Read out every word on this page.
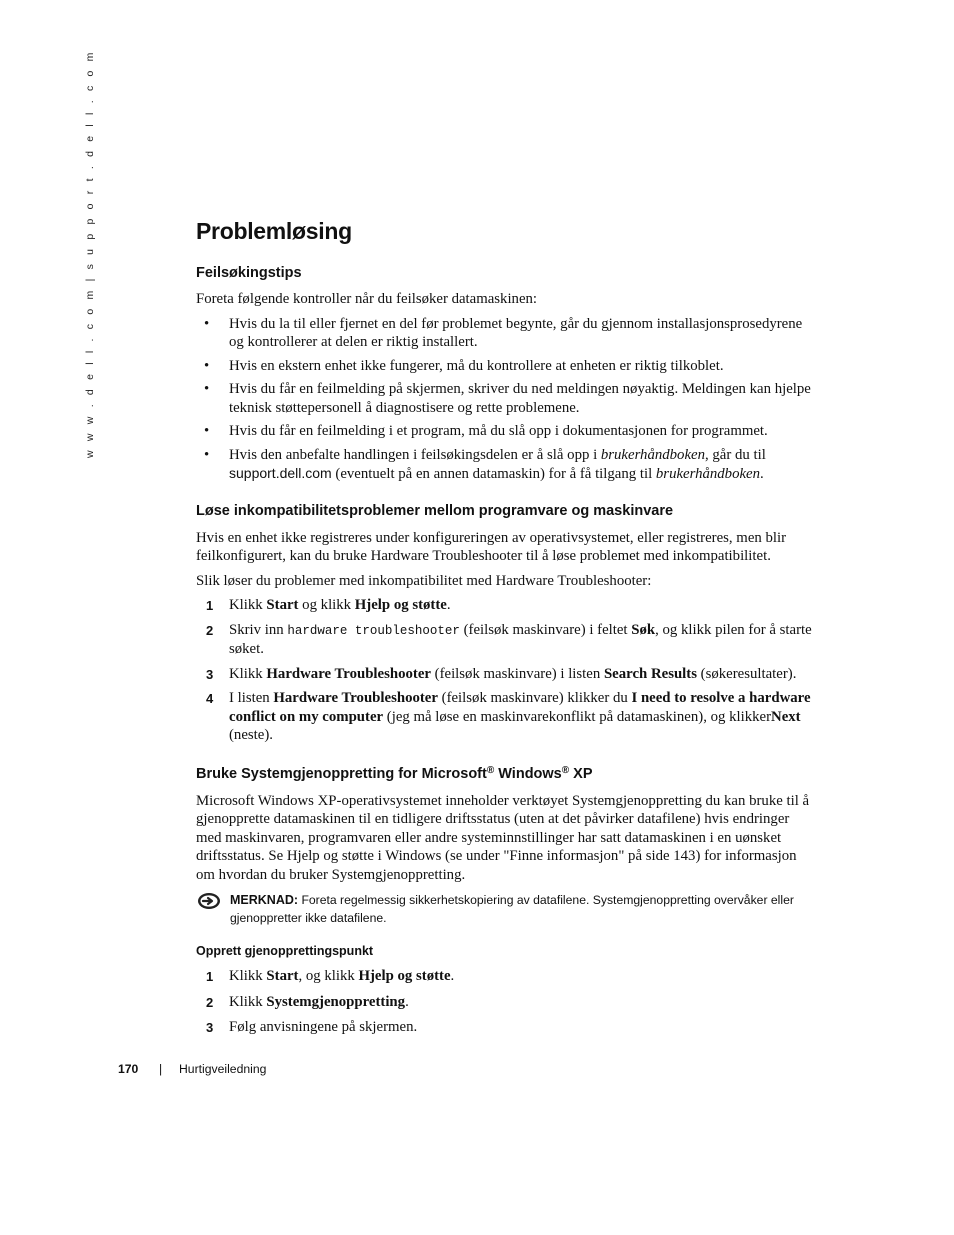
w w w . d e l l . c o m | s u p p o r t . d e l l . c o m	Problemløsing
Feilsøkingstips

Foreta følgende kontroller når du feilsøker datamaskinen:

• Hvis du la til eller fjernet en del før problemet begynte, går du gjennom installasjonsprosedyrene og kontrollerer at delen er riktig installert.
• Hvis en ekstern enhet ikke fungerer, må du kontrollere at enheten er riktig tilkoblet.
• Hvis du får en feilmelding på skjermen, skriver du ned meldingen nøyaktig. Meldingen kan hjelpe teknisk støttepersonell å diagnostisere og rette problemene.
• Hvis du får en feilmelding i et program, må du slå opp i dokumentasjonen for programmet.
• Hvis den anbefalte handlingen i feilsøkingsdelen er å slå opp i brukerhåndboken, går du til support.dell.com (eventuelt på en annen datamaskin) for å få tilgang til brukerhåndboken.
Løse inkompatibilitetsproblemer mellom programvare og maskinvare

Hvis en enhet ikke registreres under konfigureringen av operativsystemet, eller registreres, men blir feilkonfigurert, kan du bruke Hardware Troubleshooter til å løse problemet med inkompatibilitet.

Slik løser du problemer med inkompatibilitet med Hardware Troubleshooter:

1 Klikk Start og klikk Hjelp og støtte.
2 Skriv inn hardware troubleshooter (feilsøk maskinvare) i feltet Søk, og klikk pilen for å starte søket.
3 Klikk Hardware Troubleshooter (feilsøk maskinvare) i listen Search Results (søkeresultater).
4 I listen Hardware Troubleshooter (feilsøk maskinvare) klikker du I need to resolve a hardware conflict on my computer (jeg må løse en maskinvarekonflikt på datamaskinen), og klikkerNext (neste).
Bruke Systemgjenoppretting for Microsoft® Windows® XP

Microsoft Windows XP-operativsystemet inneholder verktøyet Systemgjenoppretting du kan bruke til å gjenopprette datamaskinen til en tidligere driftsstatus (uten at det påvirker datafilene) hvis endringer med maskinvaren, programvaren eller andre systeminnstillinger har satt datamaskinen i en uønsket driftsstatus. Se Hjelp og støtte i Windows (se under "Finne informasjon" på side 143) for informasjon om hvordan du bruker Systemgjenoppretting.

MERKNAD: Foreta regelmessig sikkerhetskopiering av datafilene. Systemgjenoppretting overvåker eller gjenoppretter ikke datafilene.
Opprett gjenopprettingspunkt
1 Klikk Start, og klikk Hjelp og støtte.
2 Klikk Systemgjenoppretting.
3 Følg anvisningene på skjermen.
170 | Hurtigveiledning
